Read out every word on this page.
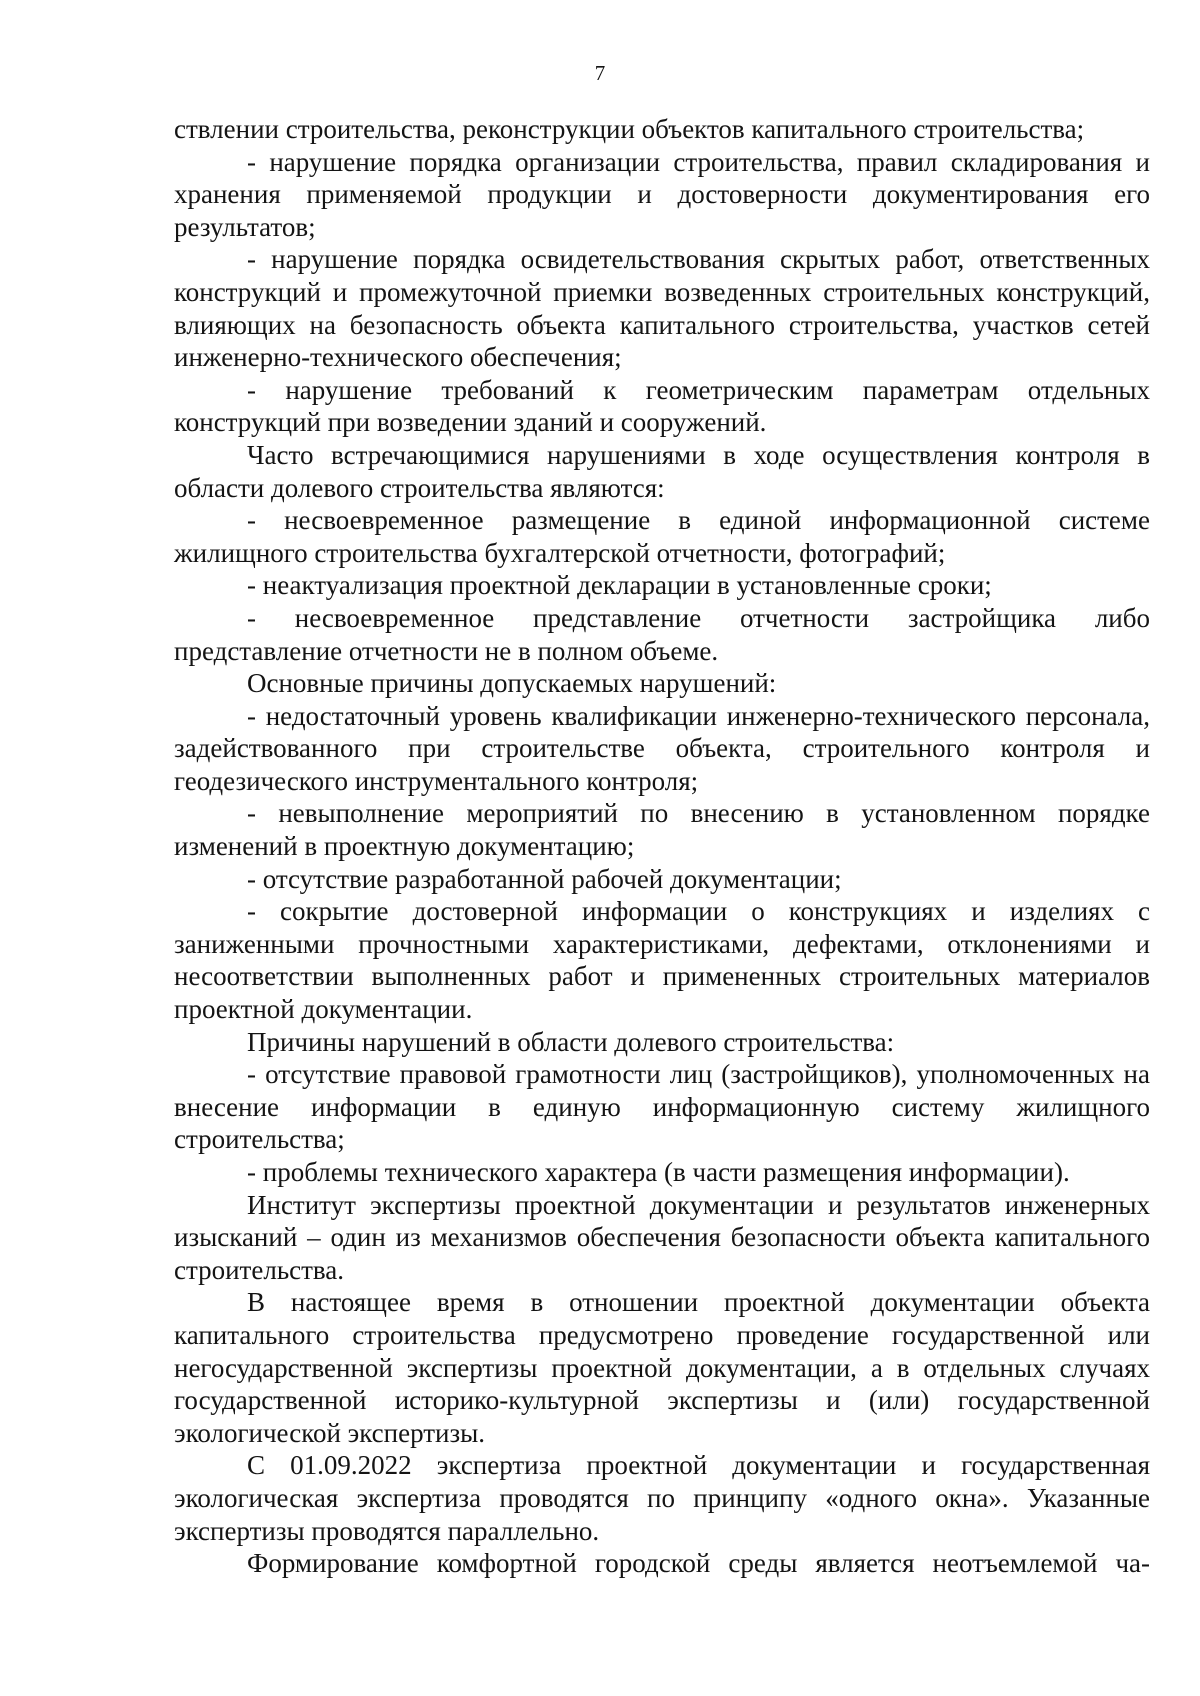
7

ствлении строительства, реконструкции объектов капитального строительства;

- нарушение порядка организации строительства, правил складирования и хранения применяемой продукции и достоверности документирования его результатов;

- нарушение порядка освидетельствования скрытых работ, ответственных конструкций и промежуточной приемки возведенных строительных конструкций, влияющих на безопасность объекта капитального строительства, участков сетей инженерно-технического обеспечения;

- нарушение требований к геометрическим параметрам отдельных конструкций при возведении зданий и сооружений.

Часто встречающимися нарушениями в ходе осуществления контроля в области долевого строительства являются:

- несвоевременное размещение в единой информационной системе жилищного строительства бухгалтерской отчетности, фотографий;

- неактуализация проектной декларации в установленные сроки;

- несвоевременное представление отчетности застройщика либо представление отчетности не в полном объеме.

Основные причины допускаемых нарушений:

- недостаточный уровень квалификации инженерно-технического персонала, задействованного при строительстве объекта, строительного контроля и геодезического инструментального контроля;

- невыполнение мероприятий по внесению в установленном порядке изменений в проектную документацию;

- отсутствие разработанной рабочей документации;

- сокрытие достоверной информации о конструкциях и изделиях с заниженными прочностными характеристиками, дефектами, отклонениями и несоответствии выполненных работ и примененных строительных материалов проектной документации.

Причины нарушений в области долевого строительства:

- отсутствие правовой грамотности лиц (застройщиков), уполномоченных на внесение информации в единую информационную систему жилищного строительства;

- проблемы технического характера (в части размещения информации).

Институт экспертизы проектной документации и результатов инженерных изысканий – один из механизмов обеспечения безопасности объекта капитального строительства.

В настоящее время в отношении проектной документации объекта капитального строительства предусмотрено проведение государственной или негосударственной экспертизы проектной документации, а в отдельных случаях государственной историко-культурной экспертизы и (или) государственной экологической экспертизы.

С 01.09.2022 экспертиза проектной документации и государственная экологическая экспертиза проводятся по принципу «одного окна». Указанные экспертизы проводятся параллельно.

Формирование комфортной городской среды является неотъемлемой ча-
